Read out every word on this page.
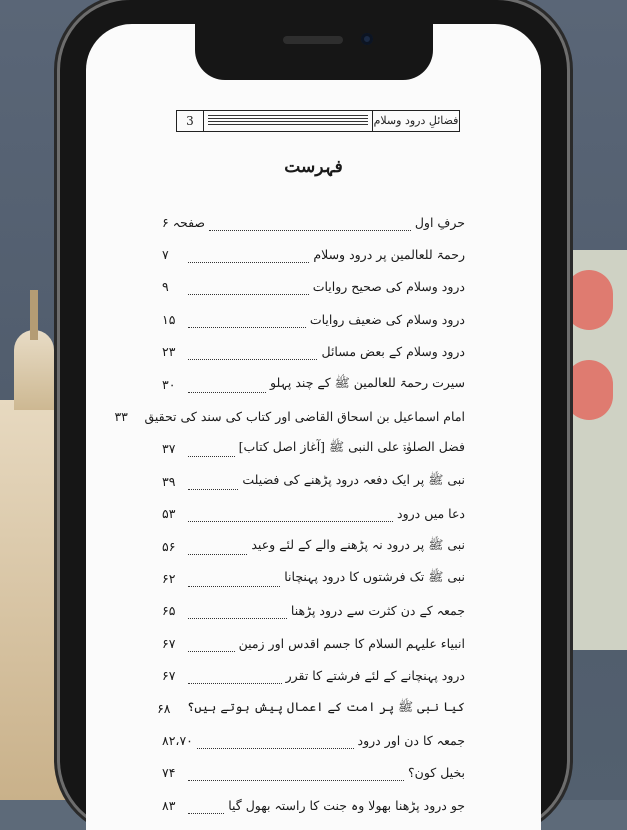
3	فضائلِ درود وسلام
فہرست
حرفِ اول
صفحہ ۶
رحمۃ للعالمین پر درود وسلام
۷
درود وسلام کی صحیح روایات
۹
درود وسلام کی ضعیف روایات
۱۵
درود وسلام کے بعض مسائل
۲۳
سیرت رحمۃ للعالمین ﷺ کے چند پہلو
۳۰
امام اسماعیل بن اسحاق القاضی اور کتاب کی سند کی تحقیق
۳۳
فضل الصلوٰۃ علی النبی ﷺ [آغاز اصل کتاب]
۳۷
نبی ﷺ پر ایک دفعہ درود پڑھنے کی فضیلت
۳۹
دعا میں درود
۵۳
نبی ﷺ پر درود نہ پڑھنے والے کے لئے وعید
۵۶
نبی ﷺ تک فرشتوں کا درود پہنچانا
۶۲
جمعہ کے دن کثرت سے درود پڑھنا
۶۵
انبیاء علیہم السلام کا جسم اقدس اور زمین
۶۷
درود پہنچانے کے لئے فرشتے کا تقرر
۶۷
کیا نبی ﷺ پر امت کے اعمال پیش ہوتے ہیں؟
۶۸
جمعہ کا دن اور درود
۸۲،۷۰
بخیل کون؟
۷۴
جو درود پڑھنا بھولا وہ جنت کا راستہ بھول گیا
۸۳
